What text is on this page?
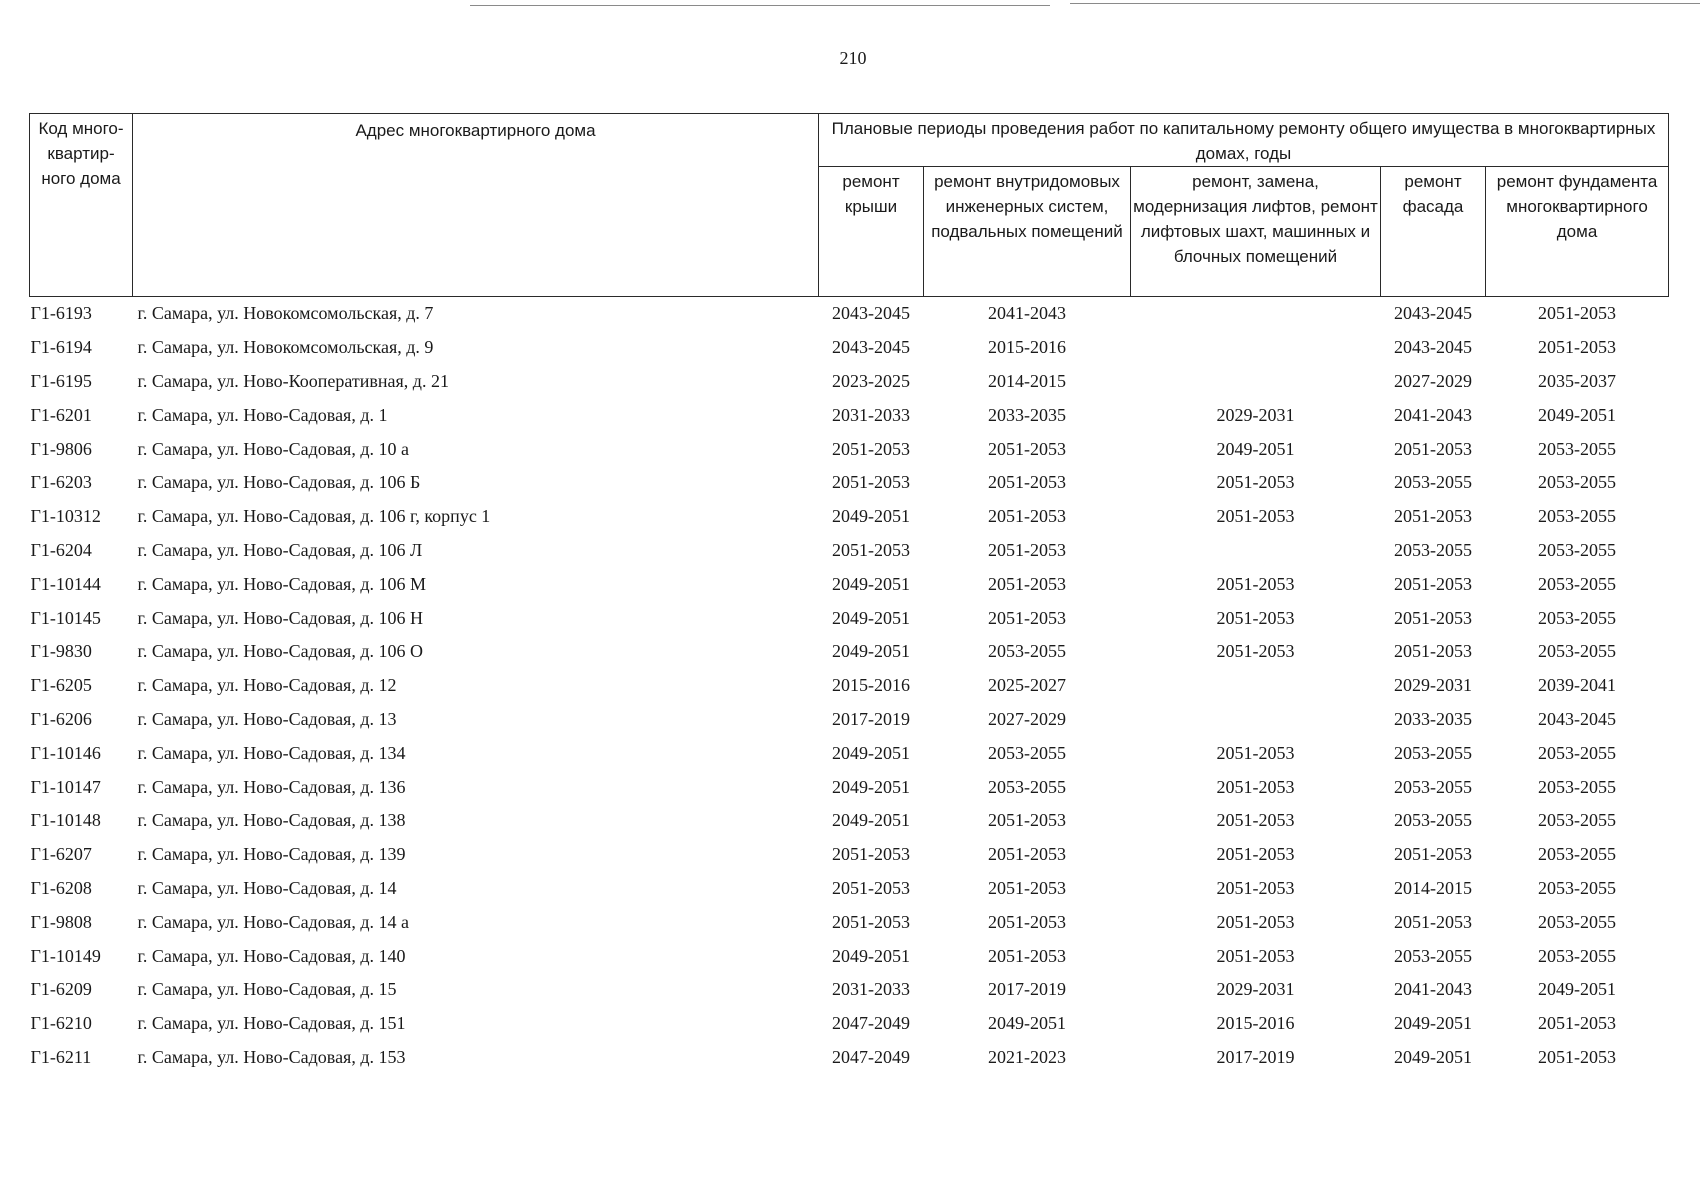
210
Код много-квартир-ного дома	Адрес многоквартирного дома	Плановые периоды проведения работ по капитальному ремонту общего имущества в многоквартирных домах, годы				
		ремонт крыши	ремонт внутридомовых инженерных систем, подвальных помещений	ремонт, замена, модернизация лифтов, ремонт лифтовых шахт, машинных и блочных помещений	ремонт фасада	ремонт фундамента многоквартирного дома
Г1-6193	г. Самара, ул. Новокомсомольская, д. 7	2043-2045	2041-2043		2043-2045	2051-2053
Г1-6194	г. Самара, ул. Новокомсомольская, д. 9	2043-2045	2015-2016		2043-2045	2051-2053
Г1-6195	г. Самара, ул. Ново-Кооперативная, д. 21	2023-2025	2014-2015		2027-2029	2035-2037
Г1-6201	г. Самара, ул. Ново-Садовая, д. 1	2031-2033	2033-2035	2029-2031	2041-2043	2049-2051
Г1-9806	г. Самара, ул. Ново-Садовая, д. 10 а	2051-2053	2051-2053	2049-2051	2051-2053	2053-2055
Г1-6203	г. Самара, ул. Ново-Садовая, д. 106 Б	2051-2053	2051-2053	2051-2053	2053-2055	2053-2055
Г1-10312	г. Самара, ул. Ново-Садовая, д. 106 г, корпус 1	2049-2051	2051-2053	2051-2053	2051-2053	2053-2055
Г1-6204	г. Самара, ул. Ново-Садовая, д. 106 Л	2051-2053	2051-2053		2053-2055	2053-2055
Г1-10144	г. Самара, ул. Ново-Садовая, д. 106 М	2049-2051	2051-2053	2051-2053	2051-2053	2053-2055
Г1-10145	г. Самара, ул. Ново-Садовая, д. 106 Н	2049-2051	2051-2053	2051-2053	2051-2053	2053-2055
Г1-9830	г. Самара, ул. Ново-Садовая, д. 106 О	2049-2051	2053-2055	2051-2053	2051-2053	2053-2055
Г1-6205	г. Самара, ул. Ново-Садовая, д. 12	2015-2016	2025-2027		2029-2031	2039-2041
Г1-6206	г. Самара, ул. Ново-Садовая, д. 13	2017-2019	2027-2029		2033-2035	2043-2045
Г1-10146	г. Самара, ул. Ново-Садовая, д. 134	2049-2051	2053-2055	2051-2053	2053-2055	2053-2055
Г1-10147	г. Самара, ул. Ново-Садовая, д. 136	2049-2051	2053-2055	2051-2053	2053-2055	2053-2055
Г1-10148	г. Самара, ул. Ново-Садовая, д. 138	2049-2051	2051-2053	2051-2053	2053-2055	2053-2055
Г1-6207	г. Самара, ул. Ново-Садовая, д. 139	2051-2053	2051-2053	2051-2053	2051-2053	2053-2055
Г1-6208	г. Самара, ул. Ново-Садовая, д. 14	2051-2053	2051-2053	2051-2053	2014-2015	2053-2055
Г1-9808	г. Самара, ул. Ново-Садовая, д. 14 а	2051-2053	2051-2053	2051-2053	2051-2053	2053-2055
Г1-10149	г. Самара, ул. Ново-Садовая, д. 140	2049-2051	2051-2053	2051-2053	2053-2055	2053-2055
Г1-6209	г. Самара, ул. Ново-Садовая, д. 15	2031-2033	2017-2019	2029-2031	2041-2043	2049-2051
Г1-6210	г. Самара, ул. Ново-Садовая, д. 151	2047-2049	2049-2051	2015-2016	2049-2051	2051-2053
Г1-6211	г. Самара, ул. Ново-Садовая, д. 153	2047-2049	2021-2023	2017-2019	2049-2051	2051-2053
